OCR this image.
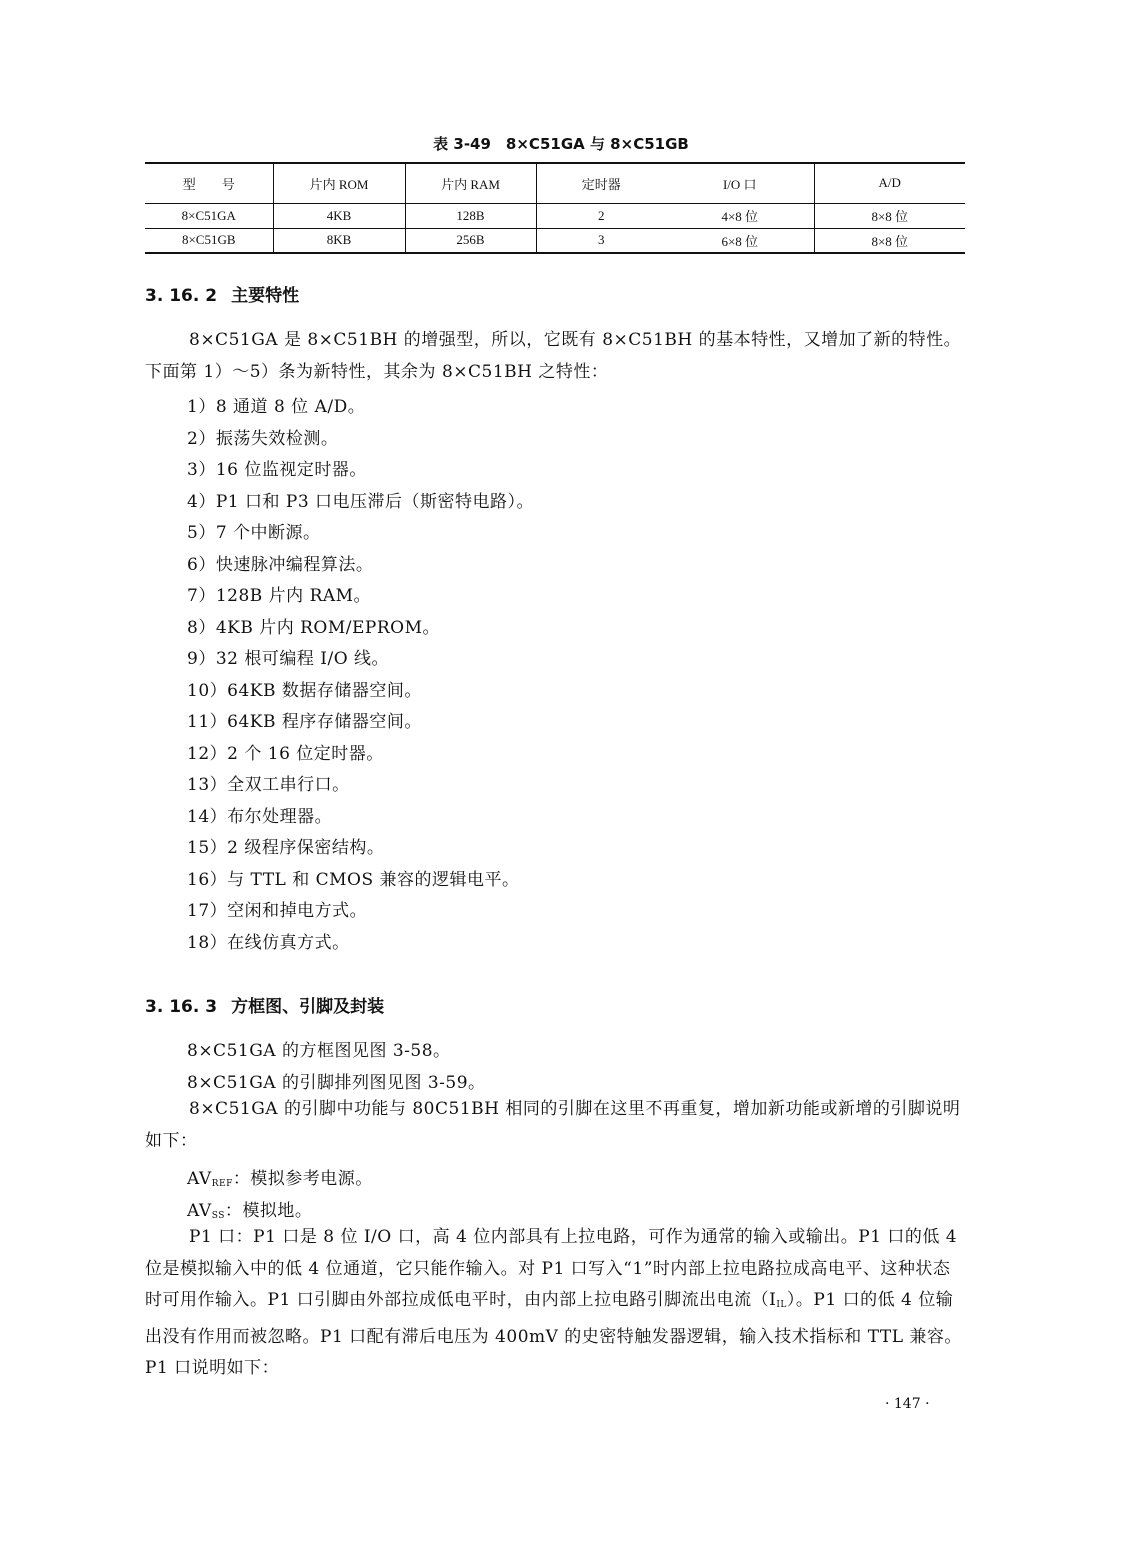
表 3-49　8×C51GA 与 8×C51GB
型　　号	片内 ROM	片内 RAM	定时器	I/O 口	A/D
8×C51GA	4KB	128B	2	4×8 位	8×8 位
8×C51GB	8KB	256B	3	6×8 位	8×8 位
3. 16. 2 主要特性
8×C51GA 是 8×C51BH 的增强型，所以，它既有 8×C51BH 的基本特性，又增加了新的特性。下面第 1）～5）条为新特性，其余为 8×C51BH 之特性：
1）8 通道 8 位 A/D。
2）振荡失效检测。
3）16 位监视定时器。
4）P1 口和 P3 口电压滞后（斯密特电路）。
5）7 个中断源。
6）快速脉冲编程算法。
7）128B 片内 RAM。
8）4KB 片内 ROM/EPROM。
9）32 根可编程 I/O 线。
10）64KB 数据存储器空间。
11）64KB 程序存储器空间。
12）2 个 16 位定时器。
13）全双工串行口。
14）布尔处理器。
15）2 级程序保密结构。
16）与 TTL 和 CMOS 兼容的逻辑电平。
17）空闲和掉电方式。
18）在线仿真方式。
3. 16. 3 方框图、引脚及封装
8×C51GA 的方框图见图 3-58。
8×C51GA 的引脚排列图见图 3-59。
8×C51GA 的引脚中功能与 80C51BH 相同的引脚在这里不再重复，增加新功能或新增的引脚说明如下：
$AV_{REF}$：模拟参考电源。
$AV_{SS}$：模拟地。
P1 口：P1 口是 8 位 I/O 口，高 4 位内部具有上拉电路，可作为通常的输入或输出。P1 口的低 4 位是模拟输入中的低 4 位通道，它只能作输入。对 P1 口写入“1”时内部上拉电路拉成高电平、这种状态时可用作输入。P1 口引脚由外部拉成低电平时，由内部上拉电路引脚流出电流$(I_{IL})$。P1 口的低 4 位输出没有作用而被忽略。P1 口配有滞后电压为 400mV 的史密特触发器逻辑，输入技术指标和 TTL 兼容。P1 口说明如下：
· 147 ·
